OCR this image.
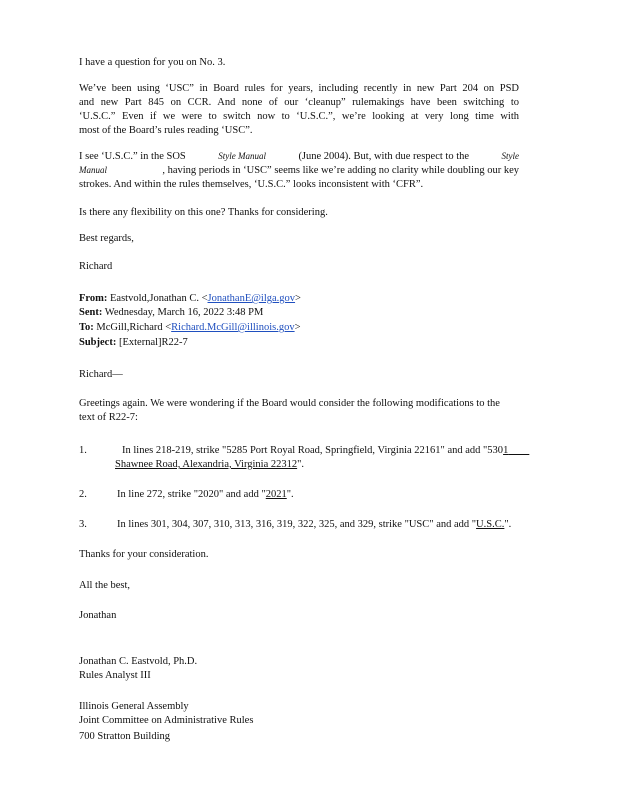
I have a question for you on No. 3.
We’ve been using ‘USC” in Board rules for years, including recently in new Part 204 on PSD
and new Part 845 on CCR. And none of our ‘cleanup” rulemakings have been switching to
‘U.S.C.” Even if we were to switch now to ‘U.S.C.”, we’re looking at very long time with
most of the Board’s rules reading ‘USC”.
I see ‘U.S.C.” in the SOS	Style Manual	(June 2004). But, with due respect to the	Style
Manual	, having periods in ‘USC” seems like we’re adding no clarity while doubling our key
strokes. And within the rules themselves, ‘U.S.C.” looks inconsistent with ‘CFR”.
Is there any flexibility on this one? Thanks for considering.
Best regards,
Richard
From: Eastvold,Jonathan C. <JonathanE@ilga.gov>
Sent: Wednesday, March 16, 2022 3:48 PM
To: McGill,Richard <Richard.McGill@illinois.gov>
Subject: [External]R22-7
Richard—
Greetings again. We were wondering if the Board would consider the following modifications to the
text of R22-7:
1.	In lines 218-219, strike "5285 Port Royal Road, Springfield, Virginia 22161" and add "5301
Shawnee Road, Alexandria, Virginia 22312".
2.	In line 272, strike "2020" and add "2021".
3.	In lines 301, 304, 307, 310, 313, 316, 319, 322, 325, and 329, strike "USC" and add "U.S.C.".
Thanks for your consideration.
All the best,
Jonathan
Jonathan C. Eastvold, Ph.D.
Rules Analyst III
Illinois General Assembly
Joint Committee on Administrative Rules
700 Stratton Building
